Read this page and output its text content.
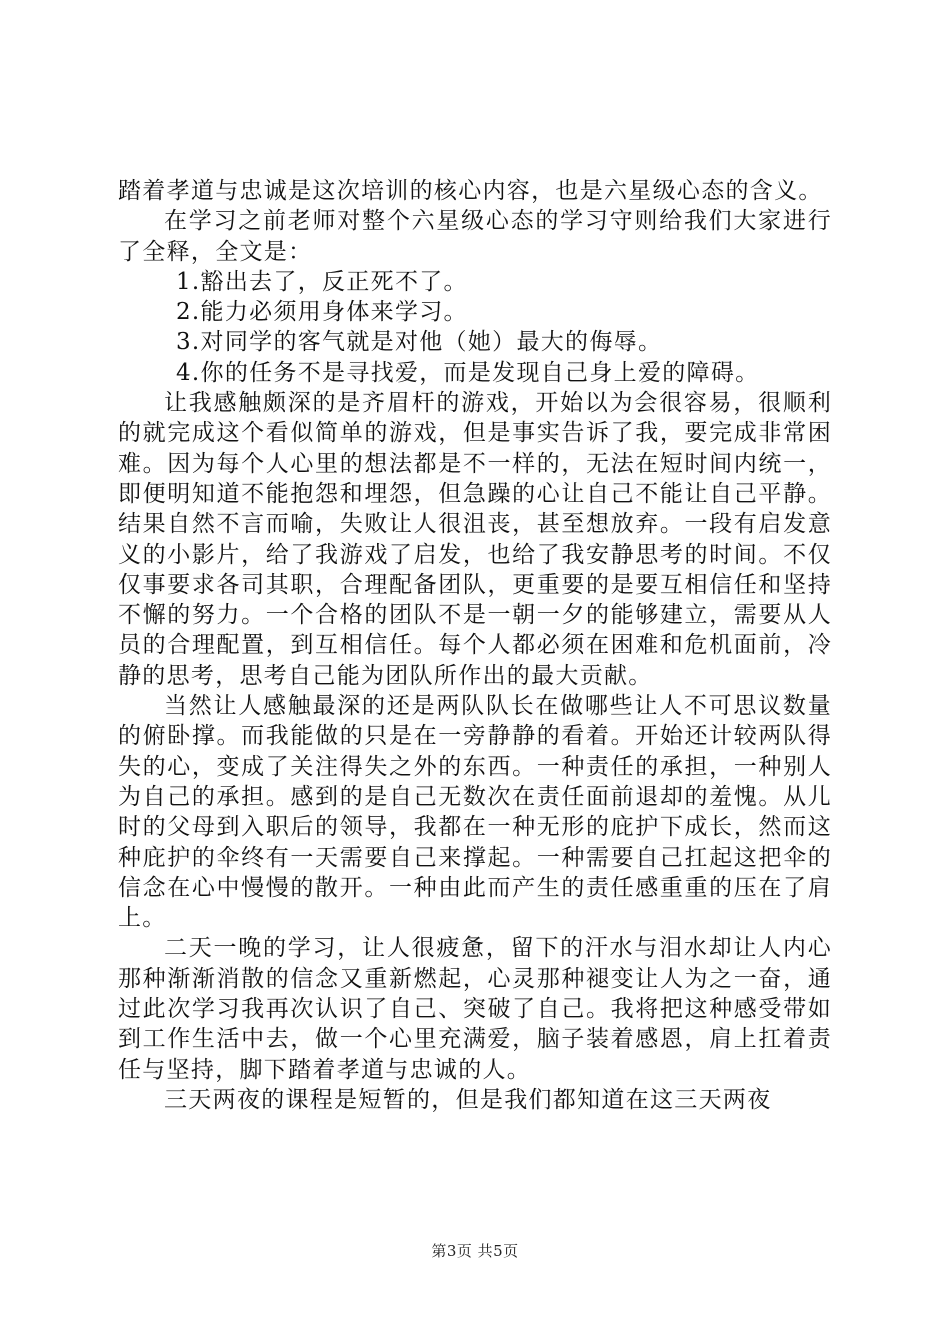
踏着孝道与忠诚是这次培训的核心内容，也是六星级心态的含义。

在学习之前老师对整个六星级心态的学习守则给我们大家进行了全释，全文是：

1.豁出去了，反正死不了。

2.能力必须用身体来学习。

3.对同学的客气就是对他（她）最大的侮辱。

4.你的任务不是寻找爱，而是发现自己身上爱的障碍。

让我感触颇深的是齐眉杆的游戏，开始以为会很容易，很顺利的就完成这个看似简单的游戏，但是事实告诉了我，要完成非常困难。因为每个人心里的想法都是不一样的，无法在短时间内统一，即便明知道不能抱怨和埋怨，但急躁的心让自己不能让自己平静。结果自然不言而喻，失败让人很沮丧，甚至想放弃。一段有启发意义的小影片，给了我游戏了启发，也给了我安静思考的时间。不仅仅事要求各司其职，合理配备团队，更重要的是要互相信任和坚持不懈的努力。一个合格的团队不是一朝一夕的能够建立，需要从人员的合理配置，到互相信任。每个人都必须在困难和危机面前，冷静的思考，思考自己能为团队所作出的最大贡献。

当然让人感触最深的还是两队队长在做哪些让人不可思议数量的俯卧撑。而我能做的只是在一旁静静的看着。开始还计较两队得失的心，变成了关注得失之外的东西。一种责任的承担，一种别人为自己的承担。感到的是自己无数次在责任面前退却的羞愧。从儿时的父母到入职后的领导，我都在一种无形的庇护下成长，然而这种庇护的伞终有一天需要自己来撑起。一种需要自己扛起这把伞的信念在心中慢慢的散开。一种由此而产生的责任感重重的压在了肩上。

二天一晚的学习，让人很疲惫，留下的汗水与泪水却让人内心那种渐渐消散的信念又重新燃起，心灵那种褪变让人为之一奋，通过此次学习我再次认识了自己、突破了自己。我将把这种感受带如到工作生活中去，做一个心里充满爱，脑子装着感恩，肩上扛着责任与坚持，脚下踏着孝道与忠诚的人。

三天两夜的课程是短暂的，但是我们都知道在这三天两夜

第3页 共5页
